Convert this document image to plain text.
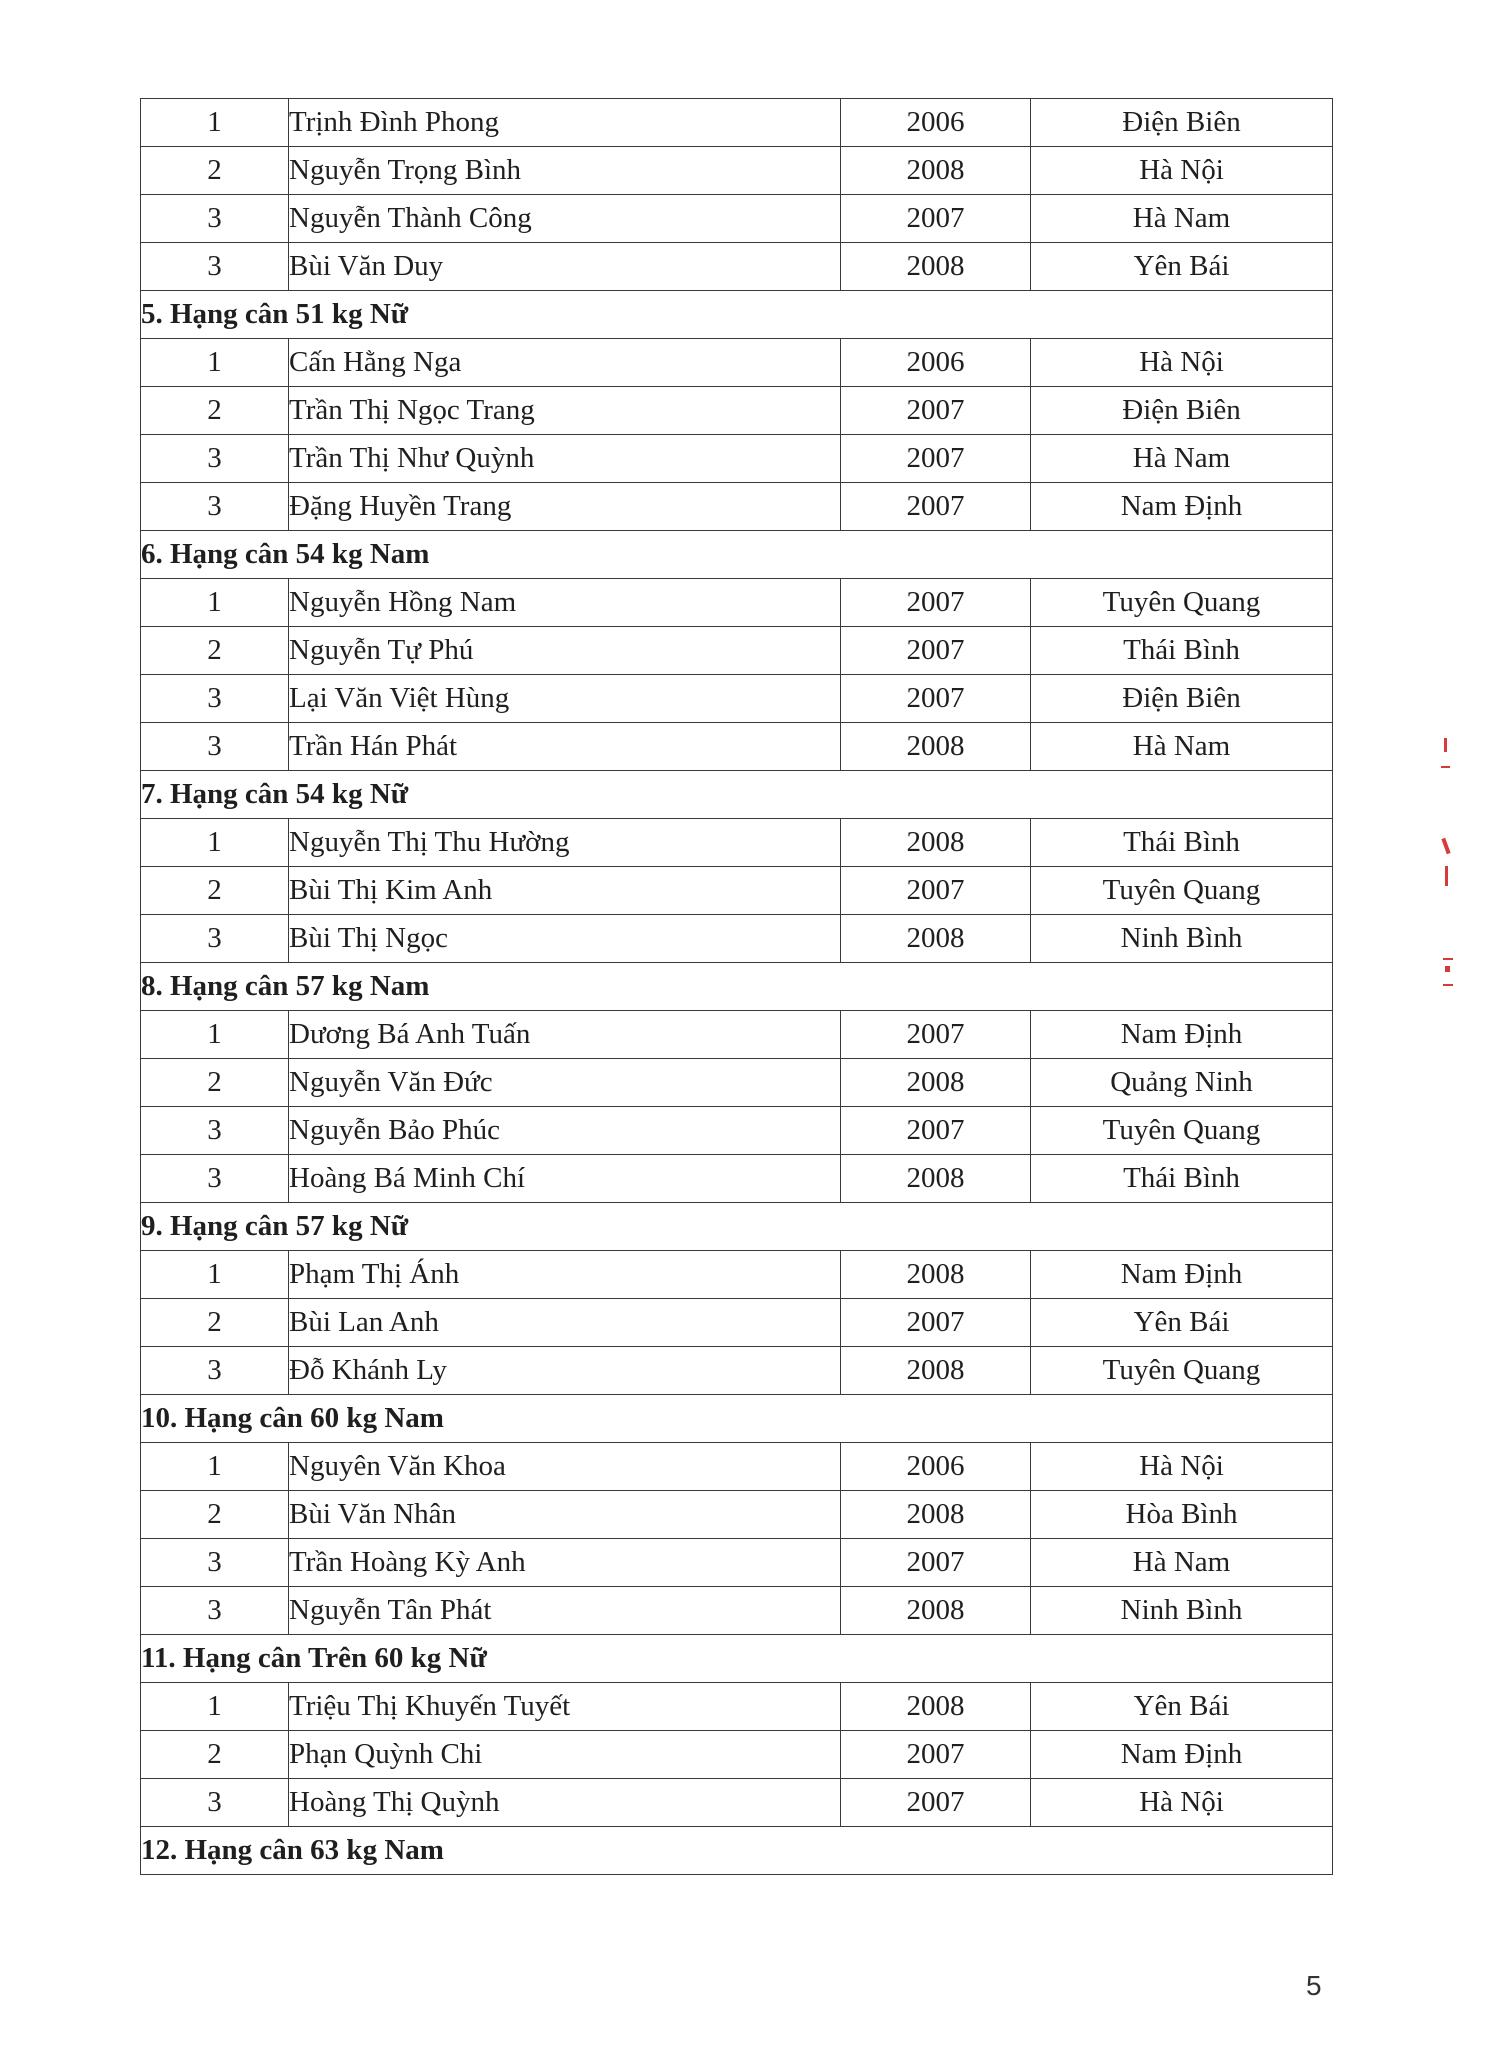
1	Trịnh Đình Phong	2006	Điện Biên
2	Nguyễn Trọng Bình	2008	Hà Nội
3	Nguyễn Thành Công	2007	Hà Nam
3	Bùi Văn Duy	2008	Yên Bái
5. Hạng cân 51 kg Nữ			
1	Cấn Hằng Nga	2006	Hà Nội
2	Trần Thị Ngọc Trang	2007	Điện Biên
3	Trần Thị Như Quỳnh	2007	Hà Nam
3	Đặng Huyền Trang	2007	Nam Định
6. Hạng cân 54 kg Nam			
1	Nguyễn Hồng Nam	2007	Tuyên Quang
2	Nguyễn Tự Phú	2007	Thái Bình
3	Lại Văn Việt Hùng	2007	Điện Biên
3	Trần Hán Phát	2008	Hà Nam
7. Hạng cân 54 kg Nữ			
1	Nguyễn Thị Thu Hường	2008	Thái Bình
2	Bùi Thị Kim Anh	2007	Tuyên Quang
3	Bùi Thị Ngọc	2008	Ninh Bình
8. Hạng cân 57 kg Nam			
1	Dương Bá Anh Tuấn	2007	Nam Định
2	Nguyễn Văn Đức	2008	Quảng Ninh
3	Nguyễn Bảo Phúc	2007	Tuyên Quang
3	Hoàng Bá Minh Chí	2008	Thái Bình
9. Hạng cân 57 kg Nữ			
1	Phạm Thị Ánh	2008	Nam Định
2	Bùi Lan Anh	2007	Yên Bái
3	Đỗ Khánh Ly	2008	Tuyên Quang
10. Hạng cân 60 kg Nam			
1	Nguyên Văn Khoa	2006	Hà Nội
2	Bùi Văn Nhân	2008	Hòa Bình
3	Trần Hoàng Kỳ Anh	2007	Hà Nam
3	Nguyễn Tân Phát	2008	Ninh Bình
11. Hạng cân Trên 60 kg Nữ			
1	Triệu Thị Khuyến Tuyết	2008	Yên Bái
2	Phạn Quỳnh Chi	2007	Nam Định
3	Hoàng Thị Quỳnh	2007	Hà Nội
12. Hạng cân 63 kg Nam			
5
